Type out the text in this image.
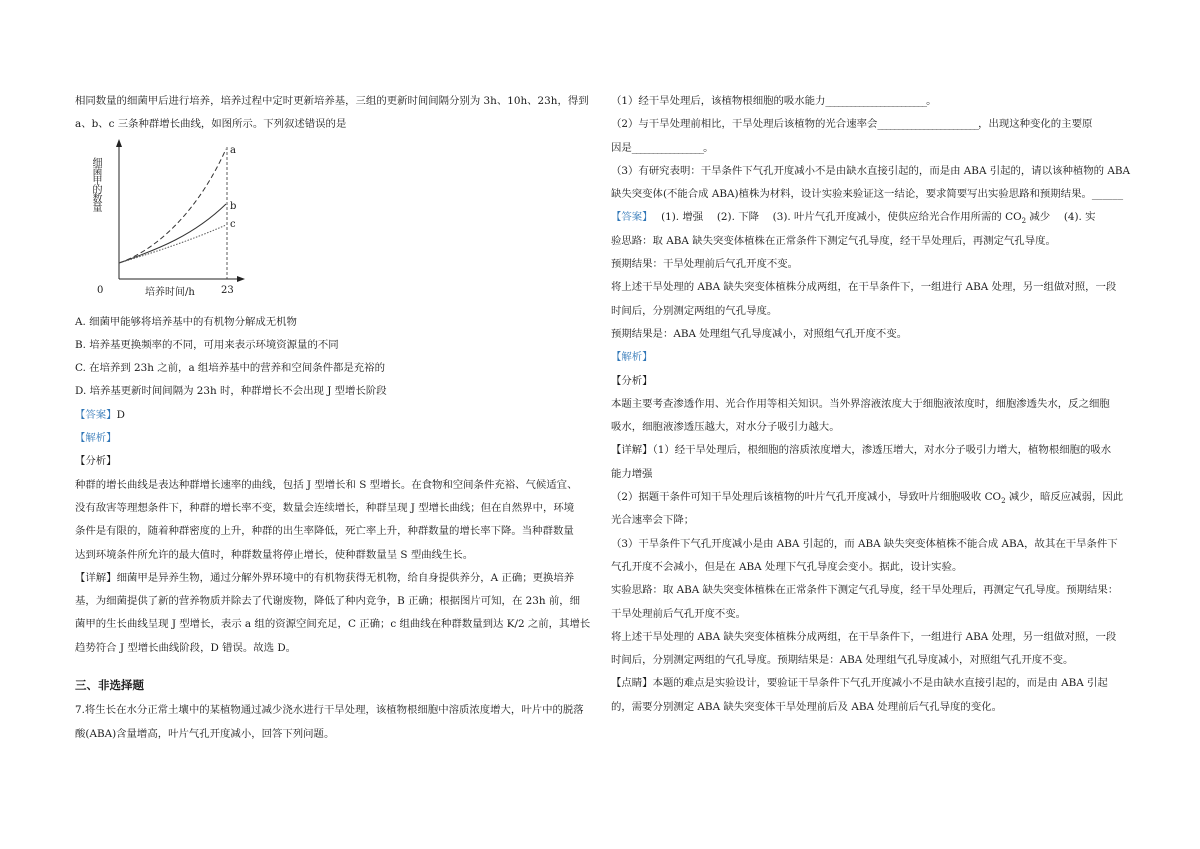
相同数量的细菌甲后进行培养，培养过程中定时更新培养基，三组的更新时间间隔分别为 3h、10h、23h，得到

a、b、c 三条种群增长曲线，如图所示。下列叙述错误的是

细菌甲的数量
0	培养时间/h	23
a
b
c

A. 细菌甲能够将培养基中的有机物分解成无机物

B. 培养基更换频率的不同，可用来表示环境资源量的不同

C. 在培养到 23h 之前，a 组培养基中的营养和空间条件都是充裕的

D. 培养基更新时间间隔为 23h 时，种群增长不会出现 J 型增长阶段

【答案】D

【解析】

【分析】

种群的增长曲线是表达种群增长速率的曲线，包括 J 型增长和 S 型增长。在食物和空间条件充裕、气候适宜、

没有敌害等理想条件下，种群的增长率不变，数量会连续增长，种群呈现 J 型增长曲线；但在自然界中，环境

条件是有限的，随着种群密度的上升，种群的出生率降低，死亡率上升，种群数量的增长率下降。当种群数量

达到环境条件所允许的最大值时，种群数量将停止增长，使种群数量呈 S 型曲线生长。

【详解】细菌甲是异养生物，通过分解外界环境中的有机物获得无机物，给自身提供养分，A 正确；更换培养

基，为细菌提供了新的营养物质并除去了代谢废物，降低了种内竞争，B 正确；根据图片可知，在 23h 前，细

菌甲的生长曲线呈现 J 型增长，表示 a 组的资源空间充足，C 正确；c 组曲线在种群数量到达 K/2 之前，其增长

趋势符合 J 型增长曲线阶段，D 错误。故选 D。

三、非选择题

7.将生长在水分正常土壤中的某植物通过减少浇水进行干旱处理，该植物根细胞中溶质浓度增大，叶片中的脱落

酸(ABA)含量增高，叶片气孔开度减小，回答下列问题。

（1）经干旱处理后，该植物根细胞的吸水能力________________________。

（2）与干旱处理前相比，干旱处理后该植物的光合速率会________________________，出现这种变化的主要原

因是_________________。

（3）有研究表明：干旱条件下气孔开度减小不是由缺水直接引起的，而是由 ABA 引起的，请以该种植物的 ABA

缺失突变体(不能合成 ABA)植株为材料，设计实验来验证这一结论，要求简要写出实验思路和预期结果。______

【答案】　 (1). 增强　 (2). 下降　 (3). 叶片气孔开度减小，使供应给光合作用所需的 $CO_2$ 减少　 (4). 实

验思路：取 ABA 缺失突变体植株在正常条件下测定气孔导度，经干旱处理后，再测定气孔导度。

预期结果：干旱处理前后气孔开度不变。

将上述干旱处理的 ABA 缺失突变体植株分成两组，在干旱条件下，一组进行 ABA 处理，另一组做对照，一段

时间后，分别测定两组的气孔导度。

预期结果是：ABA 处理组气孔导度减小，对照组气孔开度不变。

【解析】

【分析】

本题主要考查渗透作用、光合作用等相关知识。当外界溶液浓度大于细胞液浓度时，细胞渗透失水，反之细胞

吸水，细胞液渗透压越大，对水分子吸引力越大。

【详解】（1）经干旱处理后，根细胞的溶质浓度增大，渗透压增大，对水分子吸引力增大，植物根细胞的吸水

能力增强

（2）据题干条件可知干旱处理后该植物的叶片气孔开度减小，导致叶片细胞吸收 $CO_2$ 减少，暗反应减弱，因此

光合速率会下降；

（3）干旱条件下气孔开度减小是由 ABA 引起的，而 ABA 缺失突变体植株不能合成 ABA，故其在干旱条件下

气孔开度不会减小，但是在 ABA 处理下气孔导度会变小。据此，设计实验。

实验思路：取 ABA 缺失突变体植株在正常条件下测定气孔导度，经干旱处理后，再测定气孔导度。预期结果：

干旱处理前后气孔开度不变。

将上述干旱处理的 ABA 缺失突变体植株分成两组，在干旱条件下，一组进行 ABA 处理，另一组做对照，一段

时间后，分别测定两组的气孔导度。预期结果是：ABA 处理组气孔导度减小，对照组气孔开度不变。

【点睛】本题的难点是实验设计，要验证干旱条件下气孔开度减小不是由缺水直接引起的，而是由 ABA 引起

的，需要分别测定 ABA 缺失突变体干旱处理前后及 ABA 处理前后气孔导度的变化。
